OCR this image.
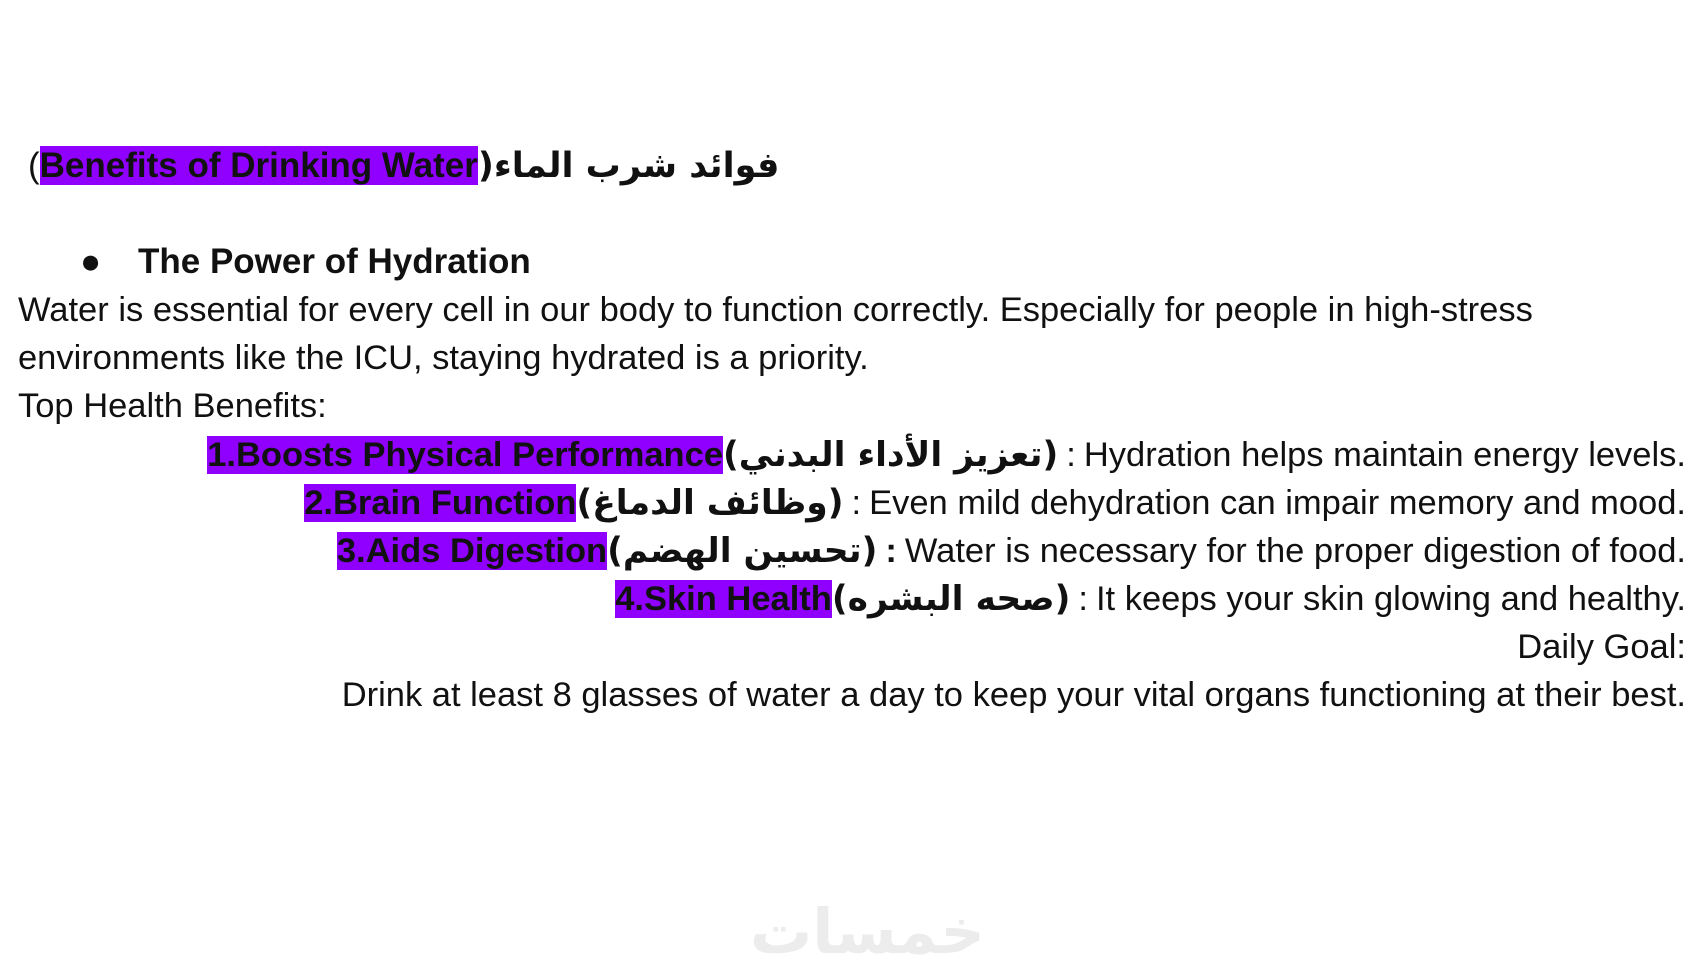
(Benefits of Drinking Water)فوائد شرب الماء
● The Power of Hydration
Water is essential for every cell in our body to function correctly. Especially for people in high-stress
environments like the ICU, staying hydrated is a priority.
Top Health Benefits:
1.Boosts Physical Performance(تعزيز الأداء البدني) : Hydration helps maintain energy levels.
2.Brain Function(وظائف الدماغ) : Even mild dehydration can impair memory and mood.
3.Aids Digestion(تحسين الهضم) : Water is necessary for the proper digestion of food.
4.Skin Health(صحه البشره) : It keeps your skin glowing and healthy.
Daily Goal:
Drink at least 8 glasses of water a day to keep your vital organs functioning at their best.
خمسات
